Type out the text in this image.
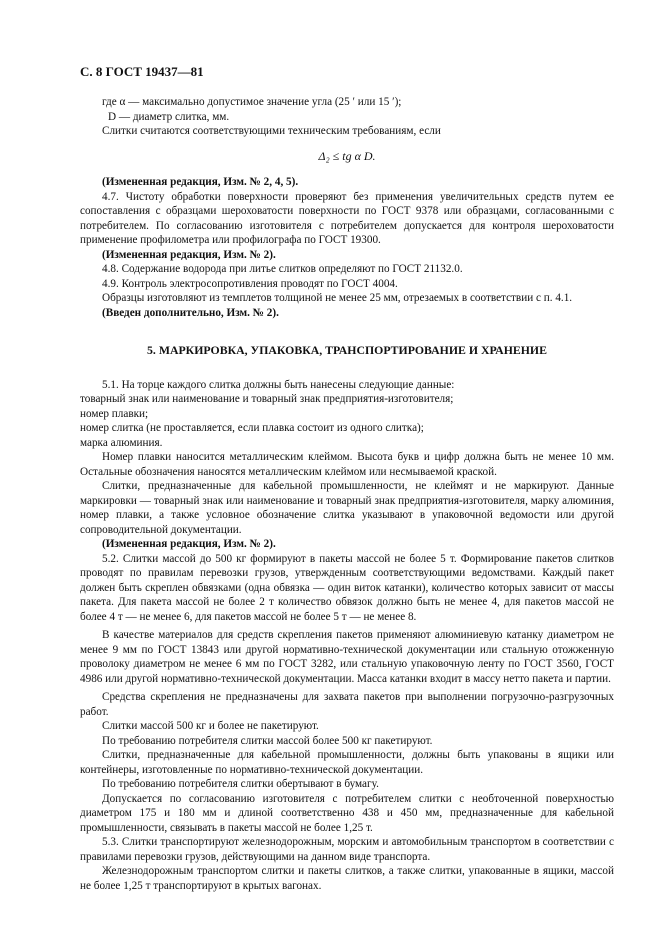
С. 8 ГОСТ 19437—81

где α — максимально допустимое значение угла (25 ′ или 15 ′);

D — диаметр слитка, мм.

Слитки считаются соответствующими техническим требованиям, если

Δ₂ ≤ tg α D.

(Измененная редакция, Изм. № 2, 4, 5).

4.7. Чистоту обработки поверхности проверяют без применения увеличительных средств путем ее сопоставления с образцами шероховатости поверхности по ГОСТ 9378 или образцами, согласованными с потребителем. По согласованию изготовителя с потребителем допускается для контроля шероховатости применение профилометра или профилографа по ГОСТ 19300.

(Измененная редакция, Изм. № 2).

4.8. Содержание водорода при литье слитков определяют по ГОСТ 21132.0.

4.9. Контроль электросопротивления проводят по ГОСТ 4004.

Образцы изготовляют из темплетов толщиной не менее 25 мм, отрезаемых в соответствии с п. 4.1.

(Введен дополнительно, Изм. № 2).

5. МАРКИРОВКА, УПАКОВКА, ТРАНСПОРТИРОВАНИЕ И ХРАНЕНИЕ

5.1. На торце каждого слитка должны быть нанесены следующие данные:

товарный знак или наименование и товарный знак предприятия-изготовителя;

номер плавки;

номер слитка (не проставляется, если плавка состоит из одного слитка);

марка алюминия.

Номер плавки наносится металлическим клеймом. Высота букв и цифр должна быть не менее 10 мм. Остальные обозначения наносятся металлическим клеймом или несмываемой краской.

Слитки, предназначенные для кабельной промышленности, не клеймят и не маркируют. Данные маркировки — товарный знак или наименование и товарный знак предприятия-изготовителя, марку алюминия, номер плавки, а также условное обозначение слитка указывают в упаковочной ведомости или другой сопроводительной документации.

(Измененная редакция, Изм. № 2).

5.2. Слитки массой до 500 кг формируют в пакеты массой не более 5 т. Формирование пакетов слитков проводят по правилам перевозки грузов, утвержденным соответствующими ведомствами. Каждый пакет должен быть скреплен обвязками (одна обвязка — один виток катанки), количество которых зависит от массы пакета. Для пакета массой не более 2 т количество обвязок должно быть не менее 4, для пакетов массой не более 4 т — не менее 6, для пакетов массой не более 5 т — не менее 8.

В качестве материалов для средств скрепления пакетов применяют алюминиевую катанку диаметром не менее 9 мм по ГОСТ 13843 или другой нормативно-технической документации или стальную отожженную проволоку диаметром не менее 6 мм по ГОСТ 3282, или стальную упаковочную ленту по ГОСТ 3560, ГОСТ 4986 или другой нормативно-технической документации. Масса катанки входит в массу нетто пакета и партии.

Средства скрепления не предназначены для захвата пакетов при выполнении погрузочно-разгрузочных работ.

Слитки массой 500 кг и более не пакетируют.

По требованию потребителя слитки массой более 500 кг пакетируют.

Слитки, предназначенные для кабельной промышленности, должны быть упакованы в ящики или контейнеры, изготовленные по нормативно-технической документации.

По требованию потребителя слитки обертывают в бумагу.

Допускается по согласованию изготовителя с потребителем слитки с необточенной поверхностью диаметром 175 и 180 мм и длиной соответственно 438 и 450 мм, предназначенные для кабельной промышленности, связывать в пакеты массой не более 1,25 т.

5.3. Слитки транспортируют железнодорожным, морским и автомобильным транспортом в соответствии с правилами перевозки грузов, действующими на данном виде транспорта.

Железнодорожным транспортом слитки и пакеты слитков, а также слитки, упакованные в ящики, массой не более 1,25 т транспортируют в крытых вагонах.
